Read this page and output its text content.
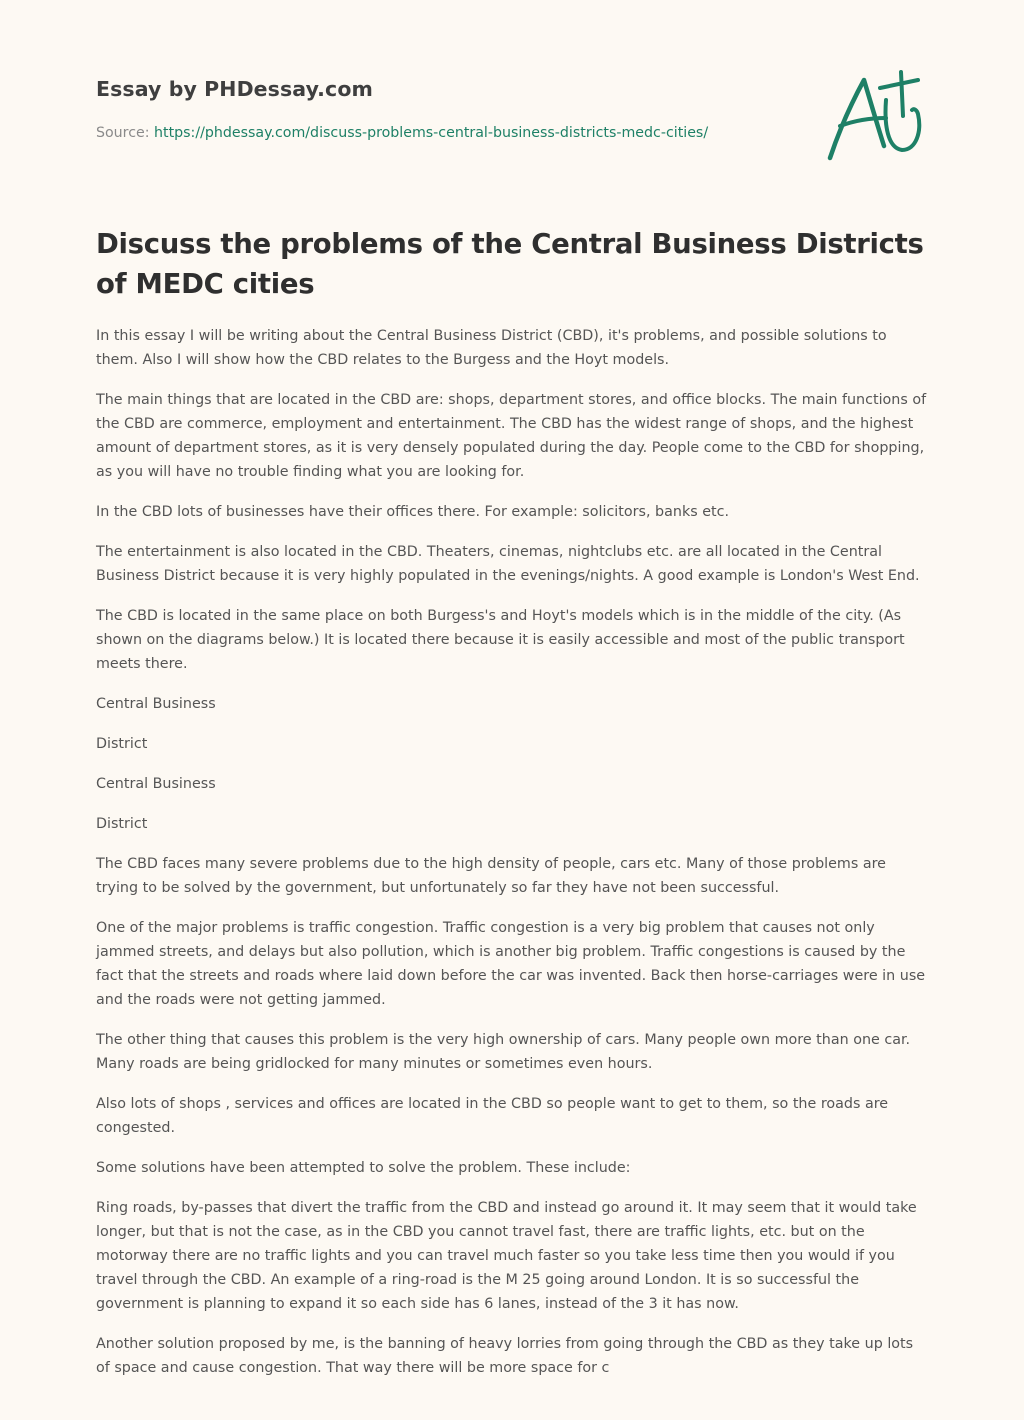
Essay by PHDessay.com
Source: https://phdessay.com/discuss-problems-central-business-districts-medc-cities/
Discuss the problems of the Central Business Districts of MEDC cities

In this essay I will be writing about the Central Business District (CBD), it's problems, and possible solutions to them. Also I will show how the CBD relates to the Burgess and the Hoyt models.

The main things that are located in the CBD are: shops, department stores, and office blocks. The main functions of the CBD are commerce, employment and entertainment. The CBD has the widest range of shops, and the highest amount of department stores, as it is very densely populated during the day. People come to the CBD for shopping, as you will have no trouble finding what you are looking for.

In the CBD lots of businesses have their offices there. For example: solicitors, banks etc.

The entertainment is also located in the CBD. Theaters, cinemas, nightclubs etc. are all located in the Central Business District because it is very highly populated in the evenings/nights. A good example is London's West End.

The CBD is located in the same place on both Burgess's and Hoyt's models which is in the middle of the city. (As shown on the diagrams below.) It is located there because it is easily accessible and most of the public transport meets there.

Central Business

District

Central Business

District

The CBD faces many severe problems due to the high density of people, cars etc. Many of those problems are trying to be solved by the government, but unfortunately so far they have not been successful.

One of the major problems is traffic congestion. Traffic congestion is a very big problem that causes not only jammed streets, and delays but also pollution, which is another big problem. Traffic congestions is caused by the fact that the streets and roads where laid down before the car was invented. Back then horse-carriages were in use and the roads were not getting jammed.

The other thing that causes this problem is the very high ownership of cars. Many people own more than one car. Many roads are being gridlocked for many minutes or sometimes even hours.

Also lots of shops , services and offices are located in the CBD so people want to get to them, so the roads are congested.

Some solutions have been attempted to solve the problem. These include:

Ring roads, by-passes that divert the traffic from the CBD and instead go around it. It may seem that it would take longer, but that is not the case, as in the CBD you cannot travel fast, there are traffic lights, etc. but on the motorway there are no traffic lights and you can travel much faster so you take less time then you would if you travel through the CBD. An example of a ring-road is the M 25 going around London. It is so successful the government is planning to expand it so each side has 6 lanes, instead of the 3 it has now.

Another solution proposed by me, is the banning of heavy lorries from going through the CBD as they take up lots of space and cause congestion. That way there will be more space for c
